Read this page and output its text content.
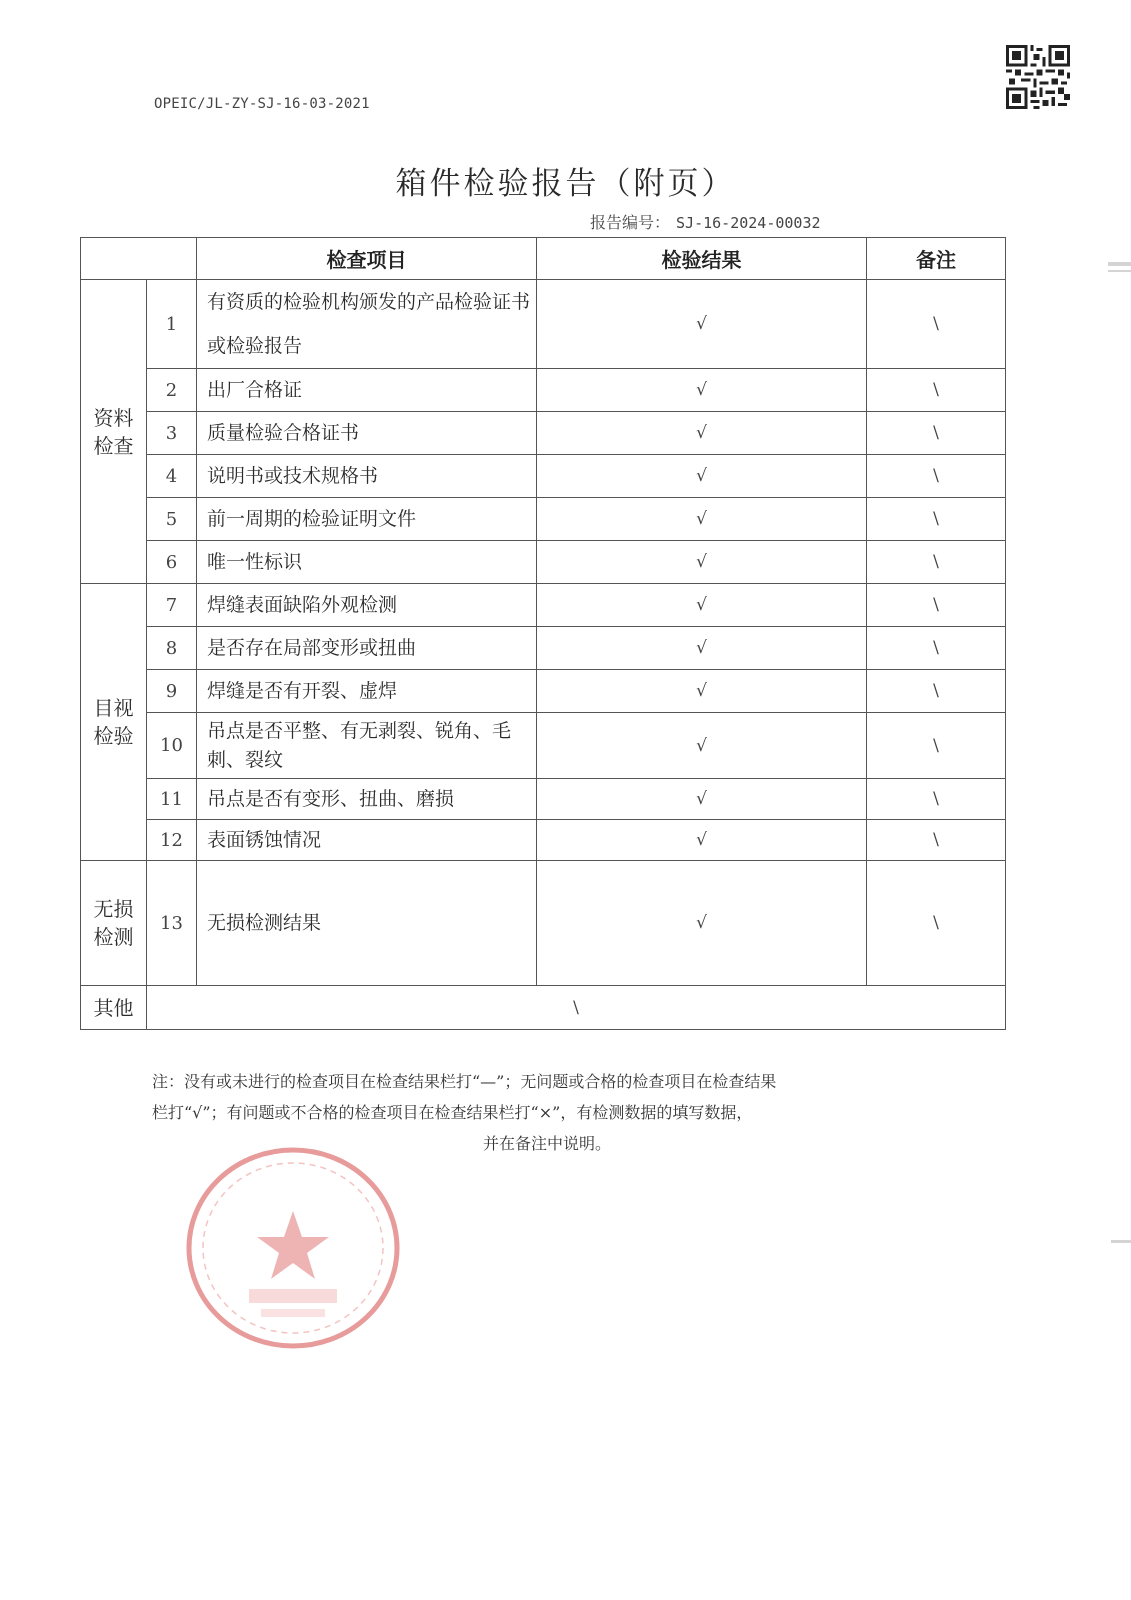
OPEIC/JL-ZY-SJ-16-03-2021
箱件检验报告（附页）
报告编号： SJ-16-2024-00032
		检查项目	检验结果	备注

资料检查	1	有资质的检验机构颁发的产品检验证书或检验报告	√	\
	2	出厂合格证	√	\
	3	质量检验合格证书	√	\
	4	说明书或技术规格书	√	\
	5	前一周期的检验证明文件	√	\
	6	唯一性标识	√	\

目视检验	7	焊缝表面缺陷外观检测	√	\
	8	是否存在局部变形或扭曲	√	\
	9	焊缝是否有开裂、虚焊	√	\
	10	吊点是否平整、有无剥裂、锐角、毛刺、裂纹	√	\
	11	吊点是否有变形、扭曲、磨损	√	\
	12	表面锈蚀情况	√	\

无损检测	13	无损检测结果	√	\
其他	\			
注：没有或未进行的检查项目在检查结果栏打“—”；无问题或合格的检查项目在检查结果
栏打“√”；有问题或不合格的检查项目在检查结果栏打“×”，有检测数据的填写数据，
并在备注中说明。
